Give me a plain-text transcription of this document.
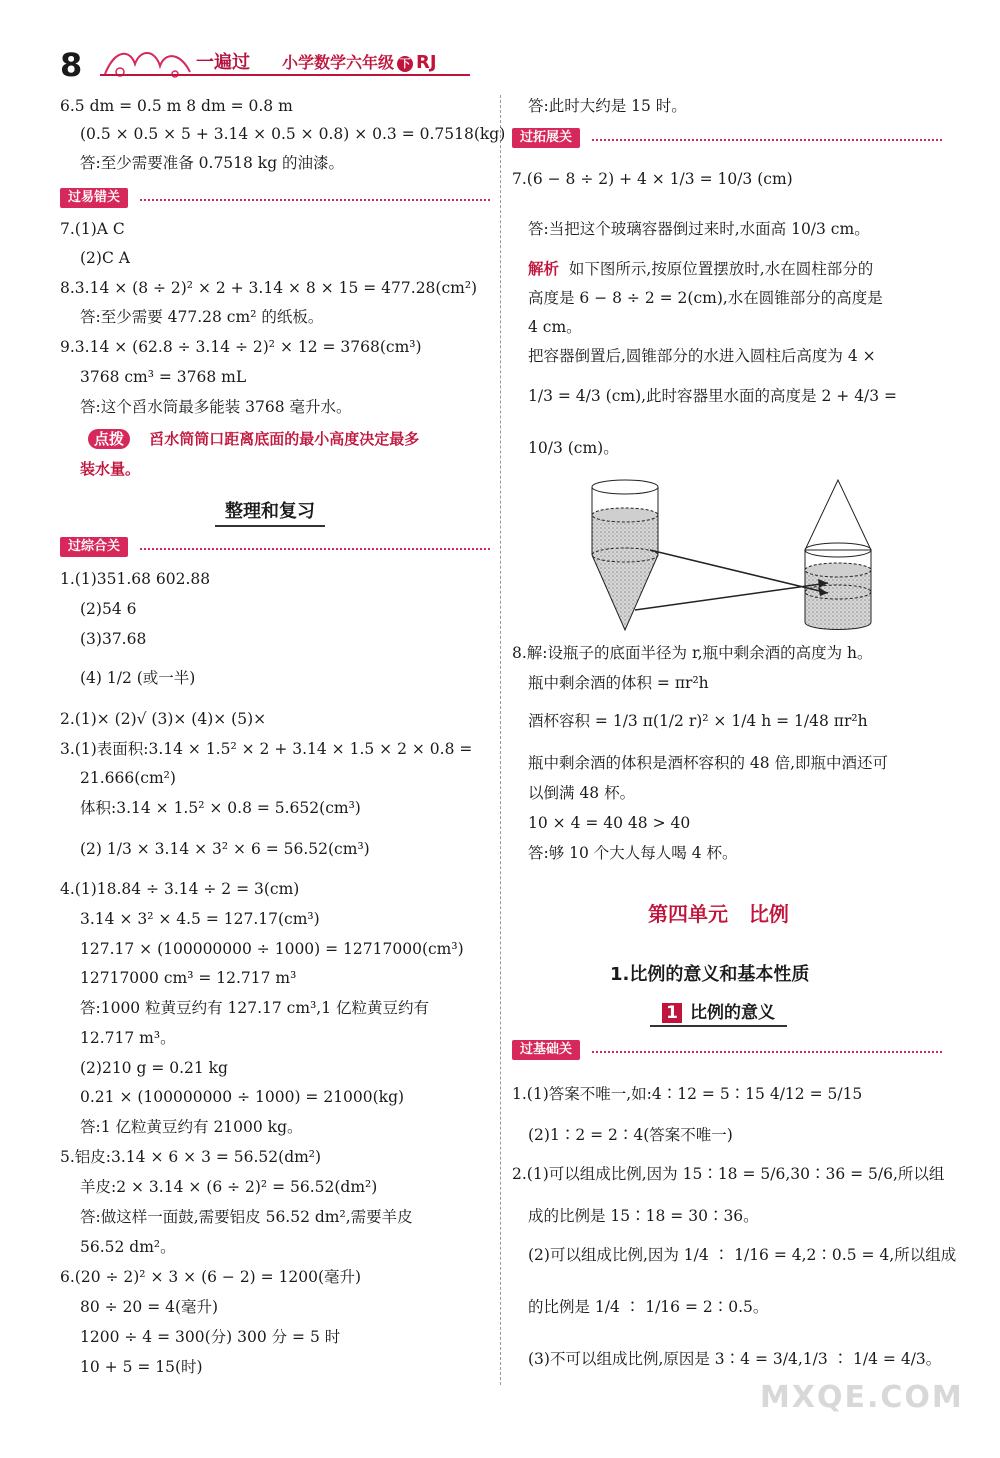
8	一遍过 小学数学六年级 下 RJ
6.5 dm = 0.5 m 8 dm = 0.8 m
(0.5 × 0.5 × 5 + 3.14 × 0.5 × 0.8) × 0.3 = 0.7518(kg)
答:至少需要准备 0.7518 kg 的油漆。
过易错关
7.(1)A C
(2)C A
8.3.14 × (8 ÷ 2)² × 2 + 3.14 × 8 × 15 = 477.28(cm²)
答:至少需要 477.28 cm² 的纸板。
9.3.14 × (62.8 ÷ 3.14 ÷ 2)² × 12 = 3768(cm³)
3768 cm³ = 3768 mL
答:这个舀水筒最多能装 3768 毫升水。
点拨 舀水筒筒口距离底面的最小高度决定最多
装水量。
整理和复习
过综合关
1.(1)351.68 602.88
(2)54 6
(3)37.68
(4) 1/2 (或一半)
2.(1)× (2)√ (3)× (4)× (5)×
3.(1)表面积:3.14 × 1.5² × 2 + 3.14 × 1.5 × 2 × 0.8 =
21.666(cm²)
体积:3.14 × 1.5² × 0.8 = 5.652(cm³)
(2) 1/3 × 3.14 × 3² × 6 = 56.52(cm³)
4.(1)18.84 ÷ 3.14 ÷ 2 = 3(cm)
3.14 × 3² × 4.5 = 127.17(cm³)
127.17 × (100000000 ÷ 1000) = 12717000(cm³)
12717000 cm³ = 12.717 m³
答:1000 粒黄豆约有 127.17 cm³,1 亿粒黄豆约有
12.717 m³。
(2)210 g = 0.21 kg
0.21 × (100000000 ÷ 1000) = 21000(kg)
答:1 亿粒黄豆约有 21000 kg。
5.铝皮:3.14 × 6 × 3 = 56.52(dm²)
羊皮:2 × 3.14 × (6 ÷ 2)² = 56.52(dm²)
答:做这样一面鼓,需要铝皮 56.52 dm²,需要羊皮
56.52 dm²。
6.(20 ÷ 2)² × 3 × (6 − 2) = 1200(毫升)
80 ÷ 20 = 4(毫升)
1200 ÷ 4 = 300(分) 300 分 = 5 时
10 + 5 = 15(时)
答:此时大约是 15 时。
过拓展关
7.(6 − 8 ÷ 2) + 4 × 1/3 = 10/3 (cm)
答:当把这个玻璃容器倒过来时,水面高 10/3 cm。
解析 如下图所示,按原位置摆放时,水在圆柱部分的
高度是 6 − 8 ÷ 2 = 2(cm),水在圆锥部分的高度是
4 cm。
把容器倒置后,圆锥部分的水进入圆柱后高度为 4 ×
1/3 = 4/3 (cm),此时容器里水面的高度是 2 + 4/3 =
10/3 (cm)。
8.解:设瓶子的底面半径为 r,瓶中剩余酒的高度为 h。
瓶中剩余酒的体积 = πr²h
酒杯容积 = 1/3 π(1/2 r)² × 1/4 h = 1/48 πr²h
瓶中剩余酒的体积是酒杯容积的 48 倍,即瓶中酒还可
以倒满 48 杯。
10 × 4 = 40 48 > 40
答:够 10 个大人每人喝 4 杯。
第四单元   比例
1.比例的意义和基本性质
1 比例的意义
过基础关
1.(1)答案不唯一,如:4∶12 = 5∶15 4/12 = 5/15
(2)1∶2 = 2∶4(答案不唯一)
2.(1)可以组成比例,因为 15∶18 = 5/6,30∶36 = 5/6,所以组
成的比例是 15∶18 = 30∶36。
(2)可以组成比例,因为 1/4 ∶ 1/16 = 4,2∶0.5 = 4,所以组成
的比例是 1/4 ∶ 1/16 = 2∶0.5。
(3)不可以组成比例,原因是 3∶4 = 3/4,1/3 ∶ 1/4 = 4/3。
MXQE.COM
